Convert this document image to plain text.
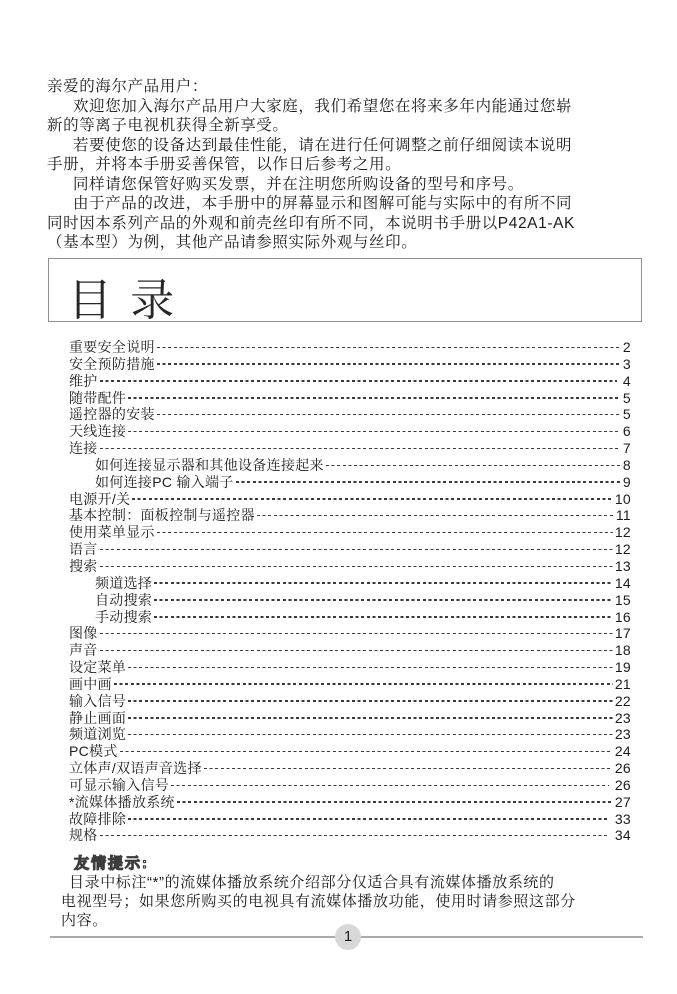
亲爱的海尔产品用户：
欢迎您加入海尔产品用户大家庭，我们希望您在将来多年内能通过您崭
新的等离子电视机获得全新享受。
若要使您的设备达到最佳性能，请在进行任何调整之前仔细阅读本说明
手册，并将本手册妥善保管，以作日后参考之用。
同样请您保管好购买发票，并在注明您所购设备的型号和序号。
由于产品的改进，本手册中的屏幕显示和图解可能与实际中的有所不同
同时因本系列产品的外观和前壳丝印有所不同，本说明书手册以P42A1-AK
（基本型）为例，其他产品请参照实际外观与丝印。
目 录
重要安全说明	2
安全预防措施	3
维护	4
随带配件	5
遥控器的安装	5
天线连接	6
连接	7
如何连接显示器和其他设备连接起来	8
如何连接PC 输入端子	9
电源开/关	10
基本控制：面板控制与遥控器	11
使用菜单显示	12
语言	12
搜索	13
频道选择	14
自动搜索	15
手动搜索	16
图像	17
声音	18
设定菜单	19
画中画	21
输入信号	22
静止画面	23
频道浏览	23
PC模式	24
立体声/双语声音选择	26
可显示输入信号	26
*流媒体播放系统	27
故障排除	33
规格	34
友情提示:
目录中标注“*”的流媒体播放系统介绍部分仅适合具有流媒体播放系统的
电视型号；如果您所购买的电视具有流媒体播放功能，使用时请参照这部分
内容。
1
